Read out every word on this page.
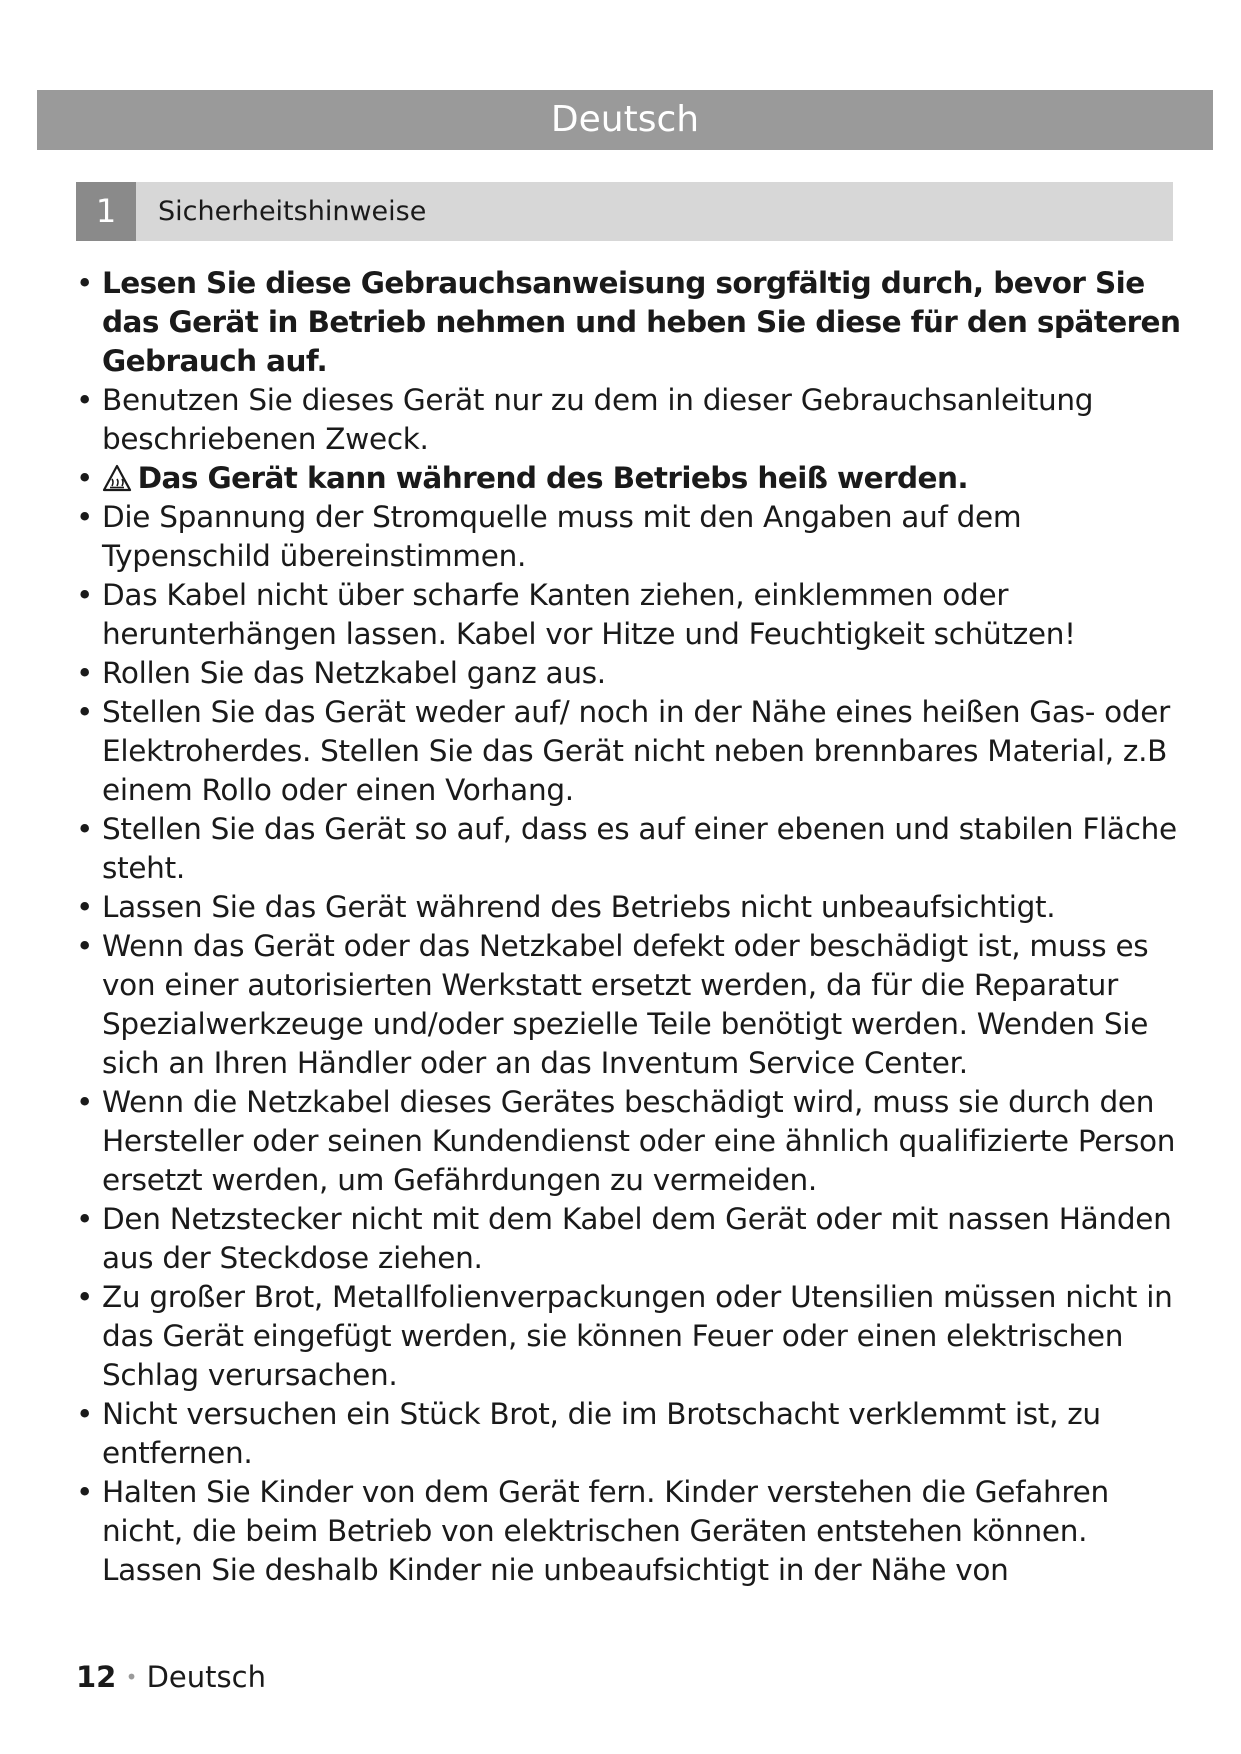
Deutsch
1	Sicherheitshinweise
• Lesen Sie diese Gebrauchsanweisung sorgfältig durch, bevor Sie das Gerät in Betrieb nehmen und heben Sie diese für den späteren Gebrauch auf.
• Benutzen Sie dieses Gerät nur zu dem in dieser Gebrauchsanleitung beschriebenen Zweck.
• Das Gerät kann während des Betriebs heiß werden.
• Die Spannung der Stromquelle muss mit den Angaben auf dem Typenschild übereinstimmen.
• Das Kabel nicht über scharfe Kanten ziehen, einklemmen oder herunterhängen lassen. Kabel vor Hitze und Feuchtigkeit schützen!
• Rollen Sie das Netzkabel ganz aus.
• Stellen Sie das Gerät weder auf/ noch in der Nähe eines heißen Gas- oder Elektroherdes. Stellen Sie das Gerät nicht neben brennbares Material, z.B einem Rollo oder einen Vorhang.
• Stellen Sie das Gerät so auf, dass es auf einer ebenen und stabilen Fläche steht.
• Lassen Sie das Gerät während des Betriebs nicht unbeaufsichtigt.
• Wenn das Gerät oder das Netzkabel defekt oder beschädigt ist, muss es von einer autorisierten Werkstatt ersetzt werden, da für die Reparatur Spezialwerkzeuge und/oder spezielle Teile benötigt werden. Wenden Sie sich an Ihren Händler oder an das Inventum Service Center.
• Wenn die Netzkabel dieses Gerätes beschädigt wird, muss sie durch den Hersteller oder seinen Kundendienst oder eine ähnlich qualifizierte Person ersetzt werden, um Gefährdungen zu vermeiden.
• Den Netzstecker nicht mit dem Kabel dem Gerät oder mit nassen Händen aus der Steckdose ziehen.
• Zu großer Brot, Metallfolienverpackungen oder Utensilien müssen nicht in das Gerät eingefügt werden, sie können Feuer oder einen elektrischen Schlag verursachen.
• Nicht versuchen ein Stück Brot, die im Brotschacht verklemmt ist, zu entfernen.
• Halten Sie Kinder von dem Gerät fern. Kinder verstehen die Gefahren nicht, die beim Betrieb von elektrischen Geräten entstehen können. Lassen Sie deshalb Kinder nie unbeaufsichtigt in der Nähe von
12 • Deutsch
